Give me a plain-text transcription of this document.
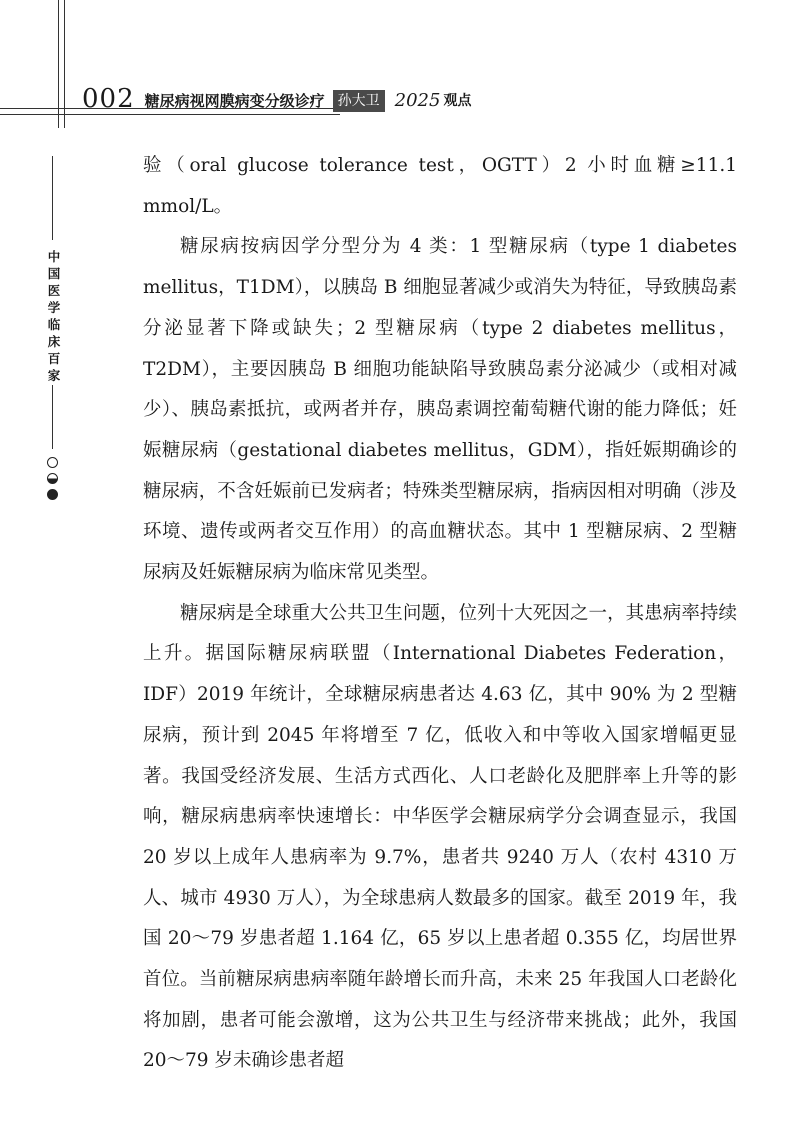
002 糖尿病视网膜病变分级诊疗 孙大卫 2025 观点
中国医学临床百家

验（oral glucose tolerance test，OGTT）2 小时血糖≥11.1 mmol/L。

糖尿病按病因学分型分为 4 类：1 型糖尿病（type 1 diabetes mellitus，T1DM），以胰岛 B 细胞显著减少或消失为特征，导致胰岛素分泌显著下降或缺失；2 型糖尿病（type 2 diabetes mellitus，T2DM），主要因胰岛 B 细胞功能缺陷导致胰岛素分泌减少（或相对减少）、胰岛素抵抗，或两者并存，胰岛素调控葡萄糖代谢的能力降低；妊娠糖尿病（gestational diabetes mellitus，GDM），指妊娠期确诊的糖尿病，不含妊娠前已发病者；特殊类型糖尿病，指病因相对明确（涉及环境、遗传或两者交互作用）的高血糖状态。其中 1 型糖尿病、2 型糖尿病及妊娠糖尿病为临床常见类型。

糖尿病是全球重大公共卫生问题，位列十大死因之一，其患病率持续上升。据国际糖尿病联盟（International Diabetes Federation，IDF）2019 年统计，全球糖尿病患者达 4.63 亿，其中 90% 为 2 型糖尿病，预计到 2045 年将增至 7 亿，低收入和中等收入国家增幅更显著。我国受经济发展、生活方式西化、人口老龄化及肥胖率上升等的影响，糖尿病患病率快速增长：中华医学会糖尿病学分会调查显示，我国 20 岁以上成年人患病率为 9.7%，患者共 9240 万人（农村 4310 万人、城市 4930 万人），为全球患病人数最多的国家。截至 2019 年，我国 20～79 岁患者超 1.164 亿，65 岁以上患者超 0.355 亿，均居世界首位。当前糖尿病患病率随年龄增长而升高，未来 25 年我国人口老龄化将加剧，患者可能会激增，这为公共卫生与经济带来挑战；此外，我国 20～79 岁未确诊患者超
